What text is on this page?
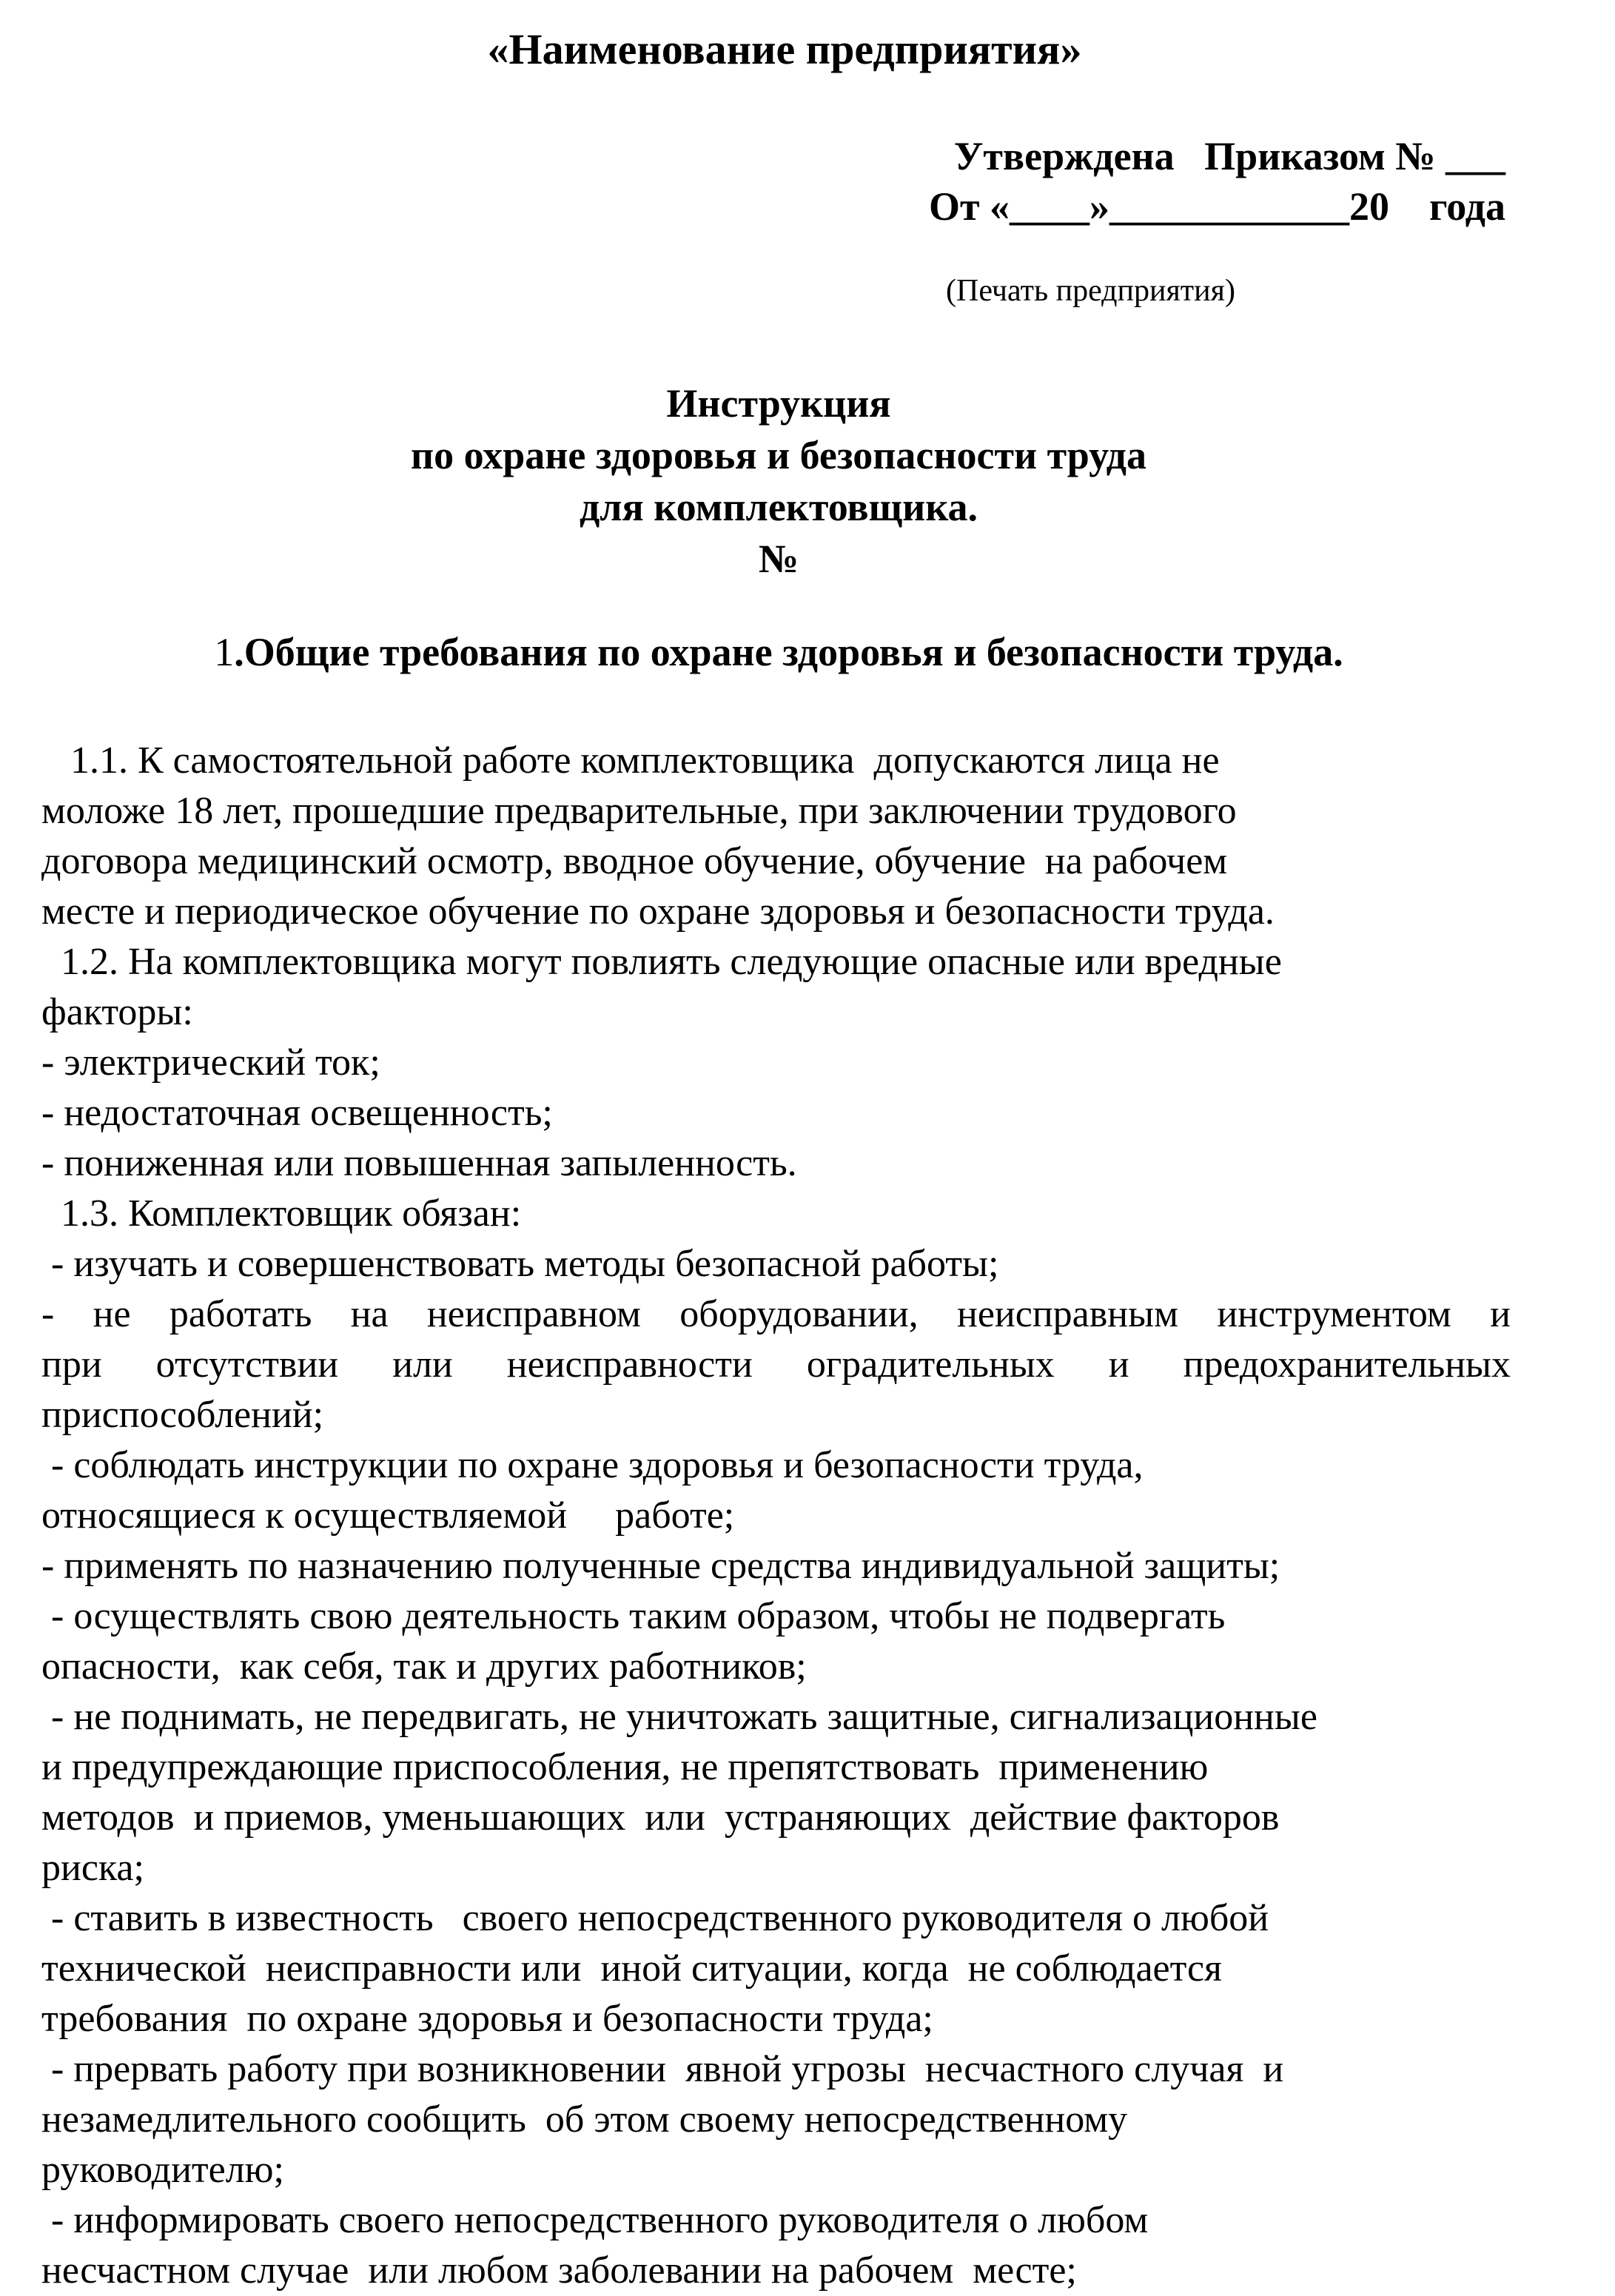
«Наименование предприятия»
Утверждена   Приказом № ___
От «____»____________20    года
(Печать предприятия)
Инструкция
по охране здоровья и безопасности труда
для комплектовщика.
№
1.Общие требования по охране здоровья и безопасности труда.
1.1. К самостоятельной работе комплектовщика  допускаются лица не
моложе 18 лет, прошедшие предварительные, при заключении трудового
договора медицинский осмотр, вводное обучение, обучение  на рабочем
месте и периодическое обучение по охране здоровья и безопасности труда.
1.2. На комплектовщика могут повлиять следующие опасные или вредные
факторы:
- электрический ток;
- недостаточная освещенность;
- пониженная или повышенная запыленность.
1.3. Комплектовщик обязан:
- изучать и совершенствовать методы безопасной работы;
- не работать на неисправном оборудовании, неисправным инструментом и
при отсутствии или неисправности оградительных и предохранительных
приспособлений;
- соблюдать инструкции по охране здоровья и безопасности труда,
относящиеся к осуществляемой     работе;
- применять по назначению полученные средства индивидуальной защиты;
- осуществлять свою деятельность таким образом, чтобы не подвергать
опасности,  как себя, так и других работников;
- не поднимать, не передвигать, не уничтожать защитные, сигнализационные
и предупреждающие приспособления, не препятствовать  применению
методов  и приемов, уменьшающих  или  устраняющих  действие факторов
риска;
- ставить в известность   своего непосредственного руководителя о любой
технической  неисправности или  иной ситуации, когда  не соблюдается
требования  по охране здоровья и безопасности труда;
- прервать работу при возникновении  явной угрозы  несчастного случая  и
незамедлительного сообщить  об этом своему непосредственному
руководителю;
- информировать своего непосредственного руководителя о любом
несчастном случае  или любом заболевании на рабочем  месте;
